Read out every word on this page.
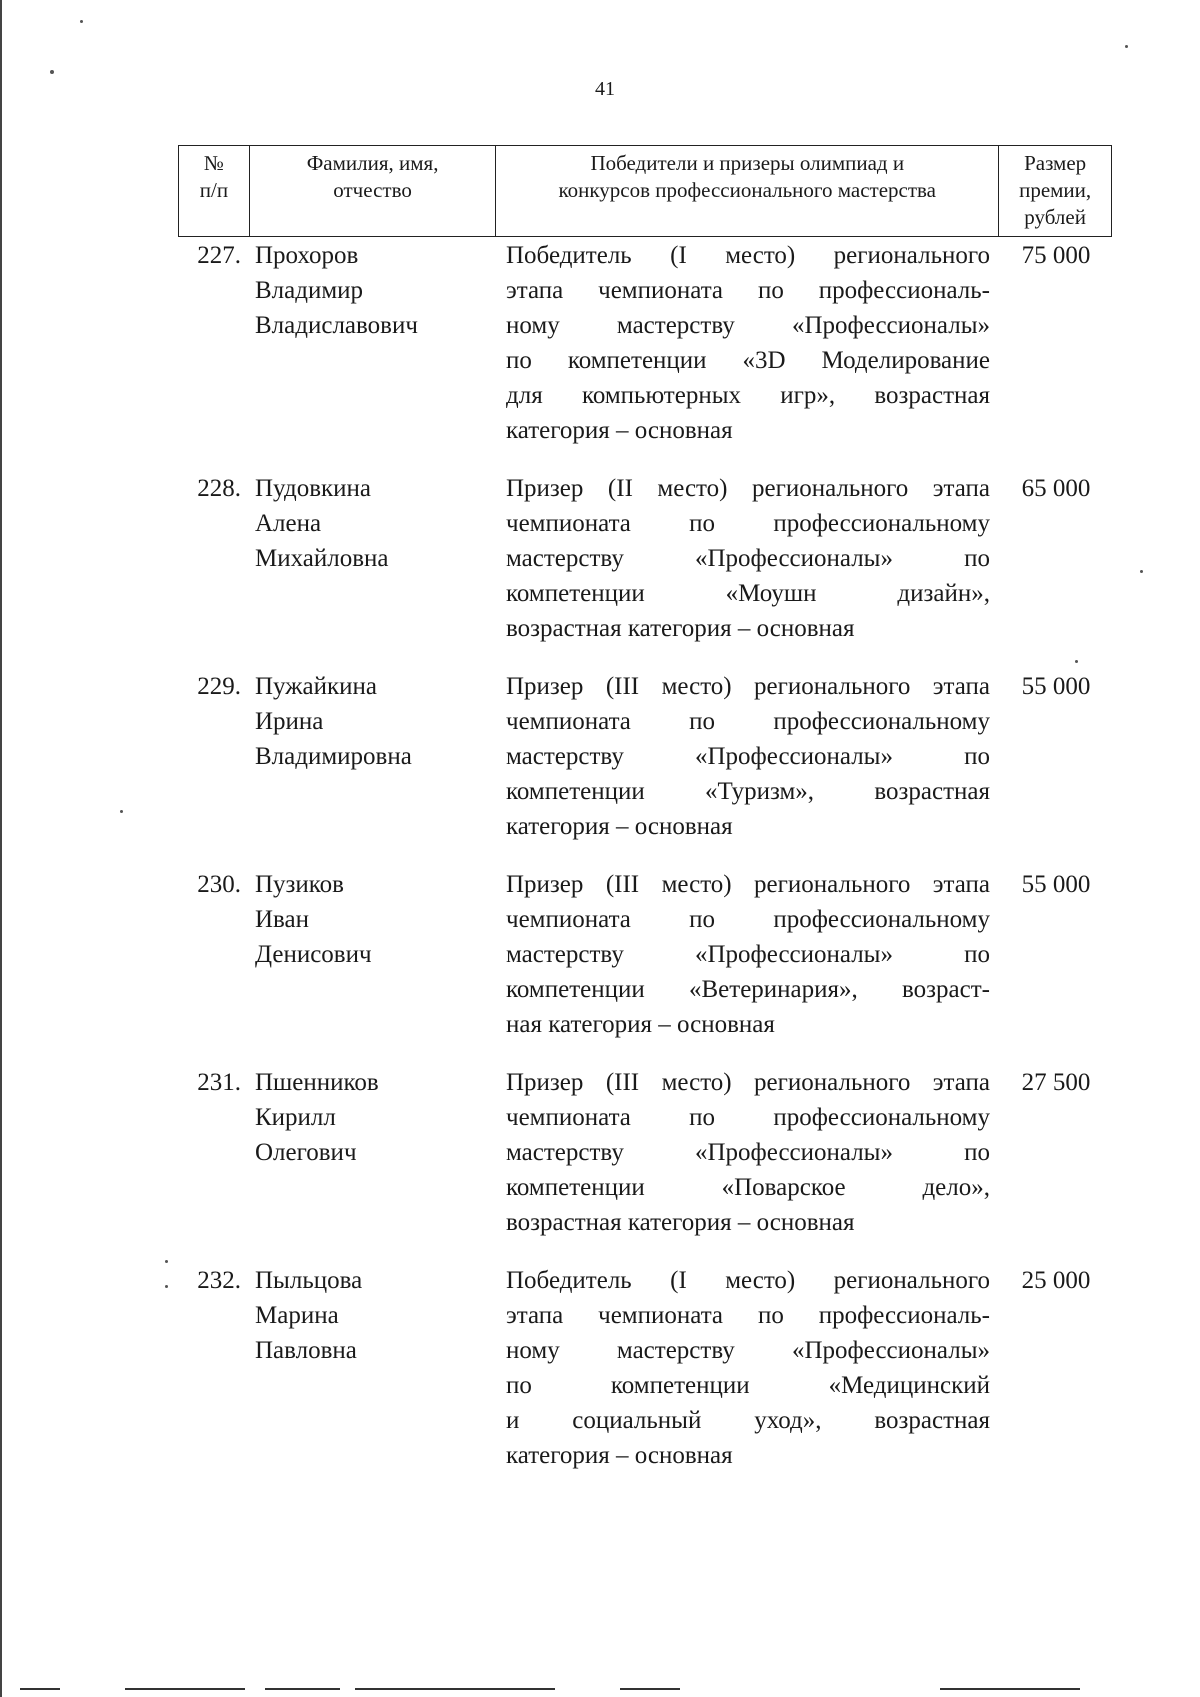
41
№
п/п
Фамилия, имя,
отчество
Победители и призеры олимпиад и
конкурсов профессионального мастерства
Размер
премии,
рублей
227. Прохоров
Владимир
Владиславович
Победитель (I место) регионального
этапа чемпионата по профессиональ-
ному мастерству «Профессионалы»
по компетенции «3D Моделирование
для компьютерных игр», возрастная
категория – основная
75 000
228. Пудовкина
Алена
Михайловна
Призер (II место) регионального этапа
чемпионата по профессиональному
мастерству «Профессионалы» по
компетенции «Моушн дизайн»,
возрастная категория – основная
65 000
229. Пужайкина
Ирина
Владимировна
Призер (III место) регионального этапа
чемпионата по профессиональному
мастерству «Профессионалы» по
компетенции «Туризм», возрастная
категория – основная
55 000
230. Пузиков
Иван
Денисович
Призер (III место) регионального этапа
чемпионата по профессиональному
мастерству «Профессионалы» по
компетенции «Ветеринария», возраст-
ная категория – основная
55 000
231. Пшенников
Кирилл
Олегович
Призер (III место) регионального этапа
чемпионата по профессиональному
мастерству «Профессионалы» по
компетенции «Поварское дело»,
возрастная категория – основная
27 500
232. Пыльцова
Марина
Павловна
Победитель (I место) регионального
этапа чемпионата по профессиональ-
ному мастерству «Профессионалы»
по компетенции «Медицинский
и социальный уход», возрастная
категория – основная
25 000
